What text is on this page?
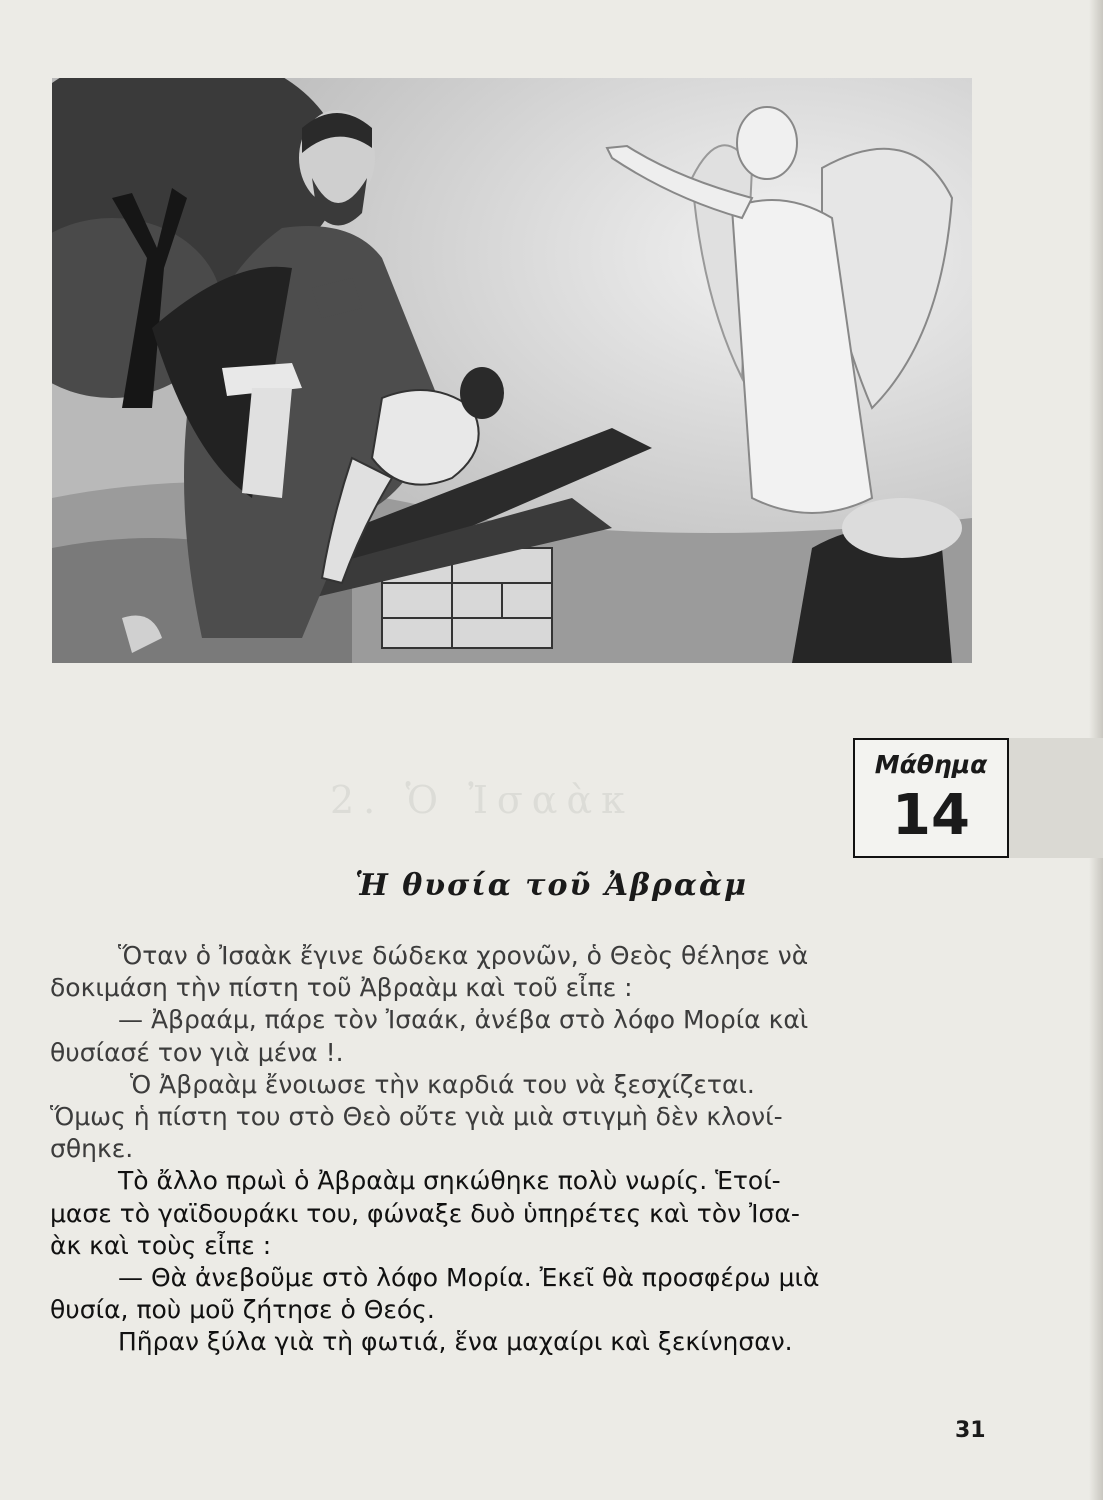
Μάθημα
14
2. Ὁ Ἰσαὰκ
Ἡ θυσία τοῦ Ἀβραὰμ
Ὅταν ὁ Ἰσαὰκ ἔγινε δώδεκα χρονῶν, ὁ Θεὸς θέλησε νὰ
δοκιμάση τὴν πίστη τοῦ Ἀβραὰμ καὶ τοῦ εἶπε :
— Ἀβραάμ, πάρε τὸν Ἰσαάκ, ἀνέβα στὸ λόφο Μορία καὶ
θυσίασέ τον γιὰ μένα !.
Ὁ Ἀβραὰμ ἔνοιωσε τὴν καρδιά του νὰ ξεσχίζεται.
Ὅμως ἡ πίστη του στὸ Θεὸ οὔτε γιὰ μιὰ στιγμὴ δὲν κλονί-
σθηκε.
Τὸ ἄλλο πρωὶ ὁ Ἀβραὰμ σηκώθηκε πολὺ νωρίς. Ἑτοί-
μασε τὸ γαϊδουράκι του, φώναξε δυὸ ὑπηρέτες καὶ τὸν Ἰσα-
ὰκ καὶ τοὺς εἶπε :
— Θὰ ἀνεβοῦμε στὸ λόφο Μορία. Ἐκεῖ θὰ προσφέρω μιὰ
θυσία, ποὺ μοῦ ζήτησε ὁ Θεός.
Πῆραν ξύλα γιὰ τὴ φωτιά, ἕνα μαχαίρι καὶ ξεκίνησαν.
31
